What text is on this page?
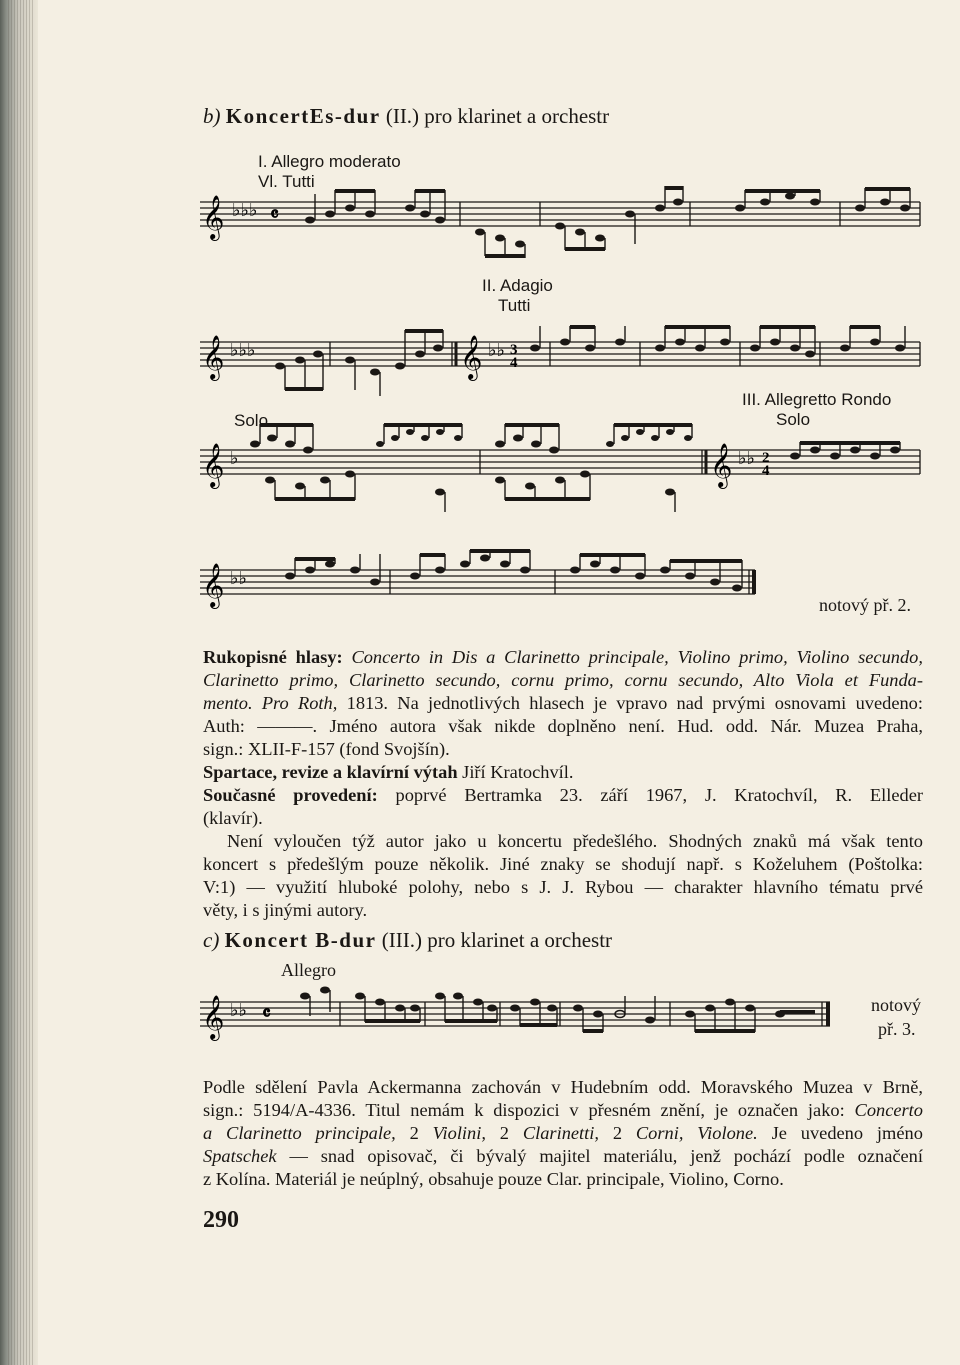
b) KoncertEs-dur (II.) pro klarinet a orchestr
I. Allegro moderato
Vl. Tutti
𝄞 ♭♭♭ 𝄴
II. Adagio
Tutti
𝄞 ♭♭♭	𝄞 ♭♭ 3
4
III. Allegretto Rondo
Solo	Solo
𝄞 ♭	𝄞 ♭♭ 2
4
𝄞 ♭♭
notový př. 2.
Rukopisné hlasy: Concerto in Dis a Clarinetto principale, Violino primo, Violino secundo,
Clarinetto primo, Clarinetto secundo, cornu primo, cornu secundo, Alto Viola et Funda-
mento. Pro Roth, 1813. Na jednotlivých hlasech je vpravo nad prvými osnovami uvedeno:
Auth: ———. Jméno autora však nikde doplněno není. Hud. odd. Nár. Muzea Praha,
sign.: XLII-F-157 (fond Svojšín).
Spartace, revize a klavírní výtah Jiří Kratochvíl.
Současné provedení: poprvé Bertramka 23. září 1967, J. Kratochvíl, R. Elleder
(klavír).
Není vyloučen týž autor jako u koncertu předešlého. Shodných znaků má však tento
koncert s předešlým pouze několik. Jiné znaky se shodují např. s Koželuhem (Poštolka:
V:1) — využití hluboké polohy, nebo s J. J. Rybou — charakter hlavního tématu prvé
věty, i s jinými autory.
c) Koncert B-dur (III.) pro klarinet a orchestr
Allegro
𝄞 ♭♭ 𝄴	notový
př. 3.
Podle sdělení Pavla Ackermanna zachován v Hudebním odd. Moravského Muzea v Brně,
sign.: 5194/A-4336. Titul nemám k dispozici v přesném znění, je označen jako: Concerto
a Clarinetto principale, 2 Violini, 2 Clarinetti, 2 Corni, Violone. Je uvedeno jméno
Spatschek — snad opisovač, či bývalý majitel materiálu, jenž pochází podle označení
z Kolína. Materiál je neúplný, obsahuje pouze Clar. principale, Violino, Corno.
290
